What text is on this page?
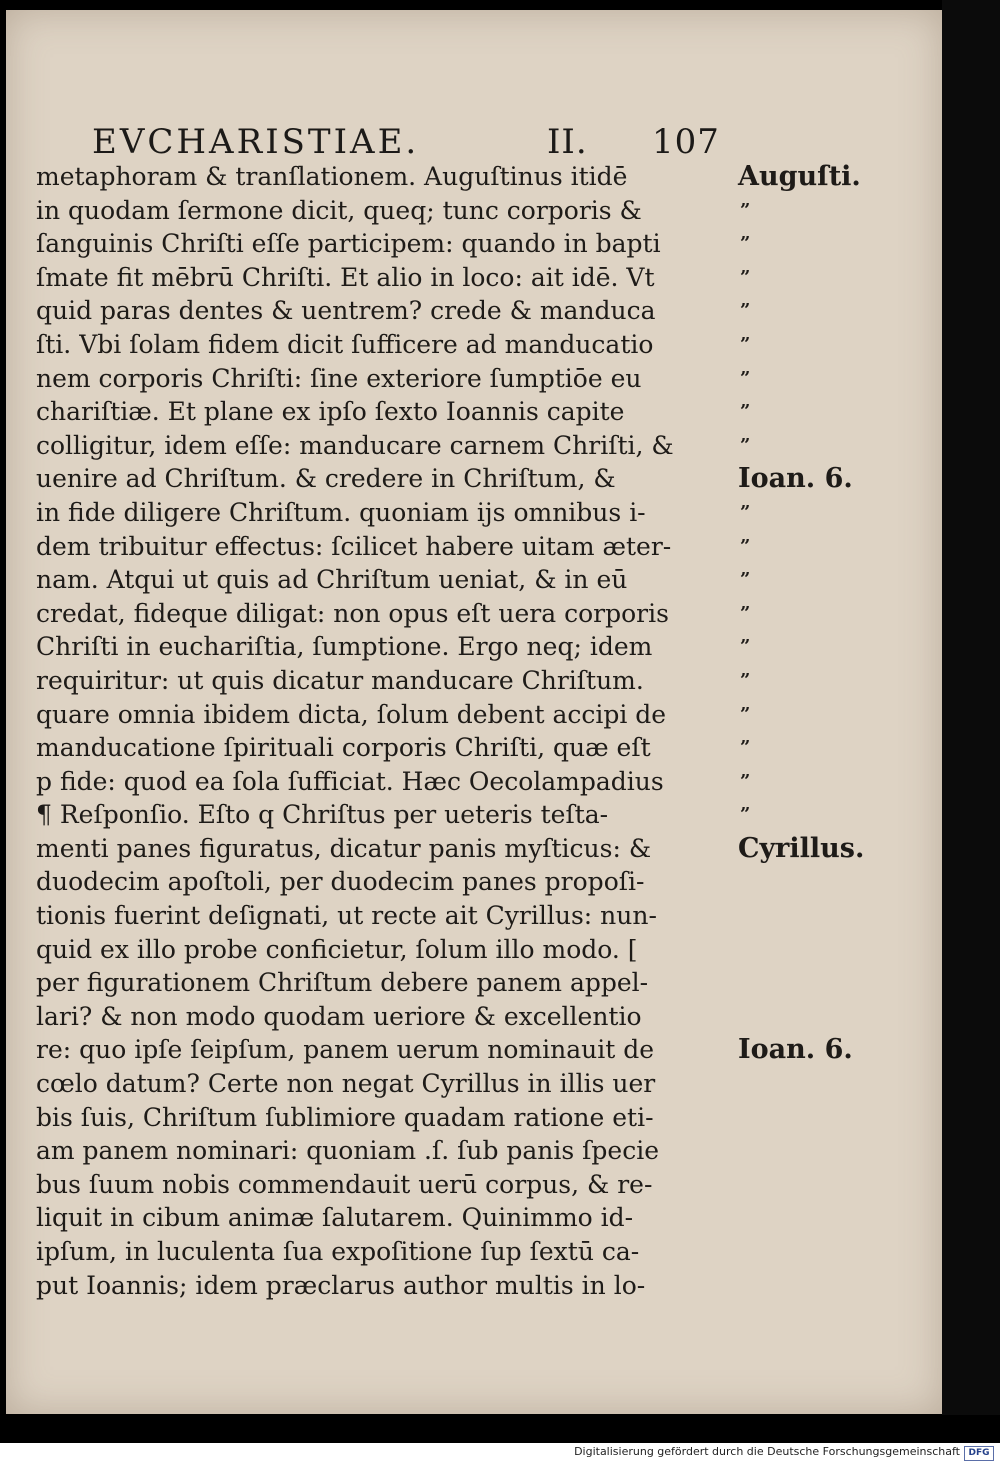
EVCHARISTIAE.	II. 107
metaphoram & tranſlationem. Auguſtinus itidē
in quodam ſermone dicit, queq; tunc corporis &
ſanguinis Chriſti eſſe participem: quando in bapti
ſmate fit mēbrū Chriſti. Et alio in loco: ait idē. Vt
quid paras dentes & uentrem? crede & manduca
ſti. Vbi ſolam fidem dicit ſufficere ad manducatio
nem corporis Chriſti: ſine exteriore ſumptiōe eu
chariſtiæ. Et plane ex ipſo ſexto Ioannis capite
colligitur, idem eſſe: manducare carnem Chriſti, &
uenire ad Chriſtum. & credere in Chriſtum, &
in fide diligere Chriſtum. quoniam ijs omnibus i-
dem tribuitur effectus: ſcilicet habere uitam æter-
nam. Atqui ut quis ad Chriſtum ueniat, & in eū
credat, fideque diligat: non opus eſt uera corporis
Chriſti in euchariſtia, ſumptione. Ergo neq; idem
requiritur: ut quis dicatur manducare Chriſtum.
quare omnia ibidem dicta, ſolum debent accipi de
manducatione ſpirituali corporis Chriſti, quæ eſt
p fide: quod ea ſola ſufficiat. Hæc Oecolampadius
¶ Reſponſio. Eſto q Chriſtus per ueteris teſta-
menti panes figuratus, dicatur panis myſticus: &
duodecim apoſtoli, per duodecim panes propoſi-
tionis fuerint deſignati, ut recte ait Cyrillus: nun-
quid ex illo probe conficietur, ſolum illo modo. [
per figurationem Chriſtum debere panem appel-
lari? & non modo quodam ueriore & excellentio
re: quo ipſe ſeipſum, panem uerum nominauit de
cœlo datum? Certe non negat Cyrillus in illis uer
bis ſuis, Chriſtum ſublimiore quadam ratione eti-
am panem nominari: quoniam .ſ. ſub panis ſpecie
bus ſuum nobis commendauit uerū corpus, & re-
liquit in cibum animæ ſalutarem. Quinimmo id-
ipſum, in luculenta ſua expoſitione ſup ſextū ca-
put Ioannis; idem præclarus author multis in lo-
Auguſti.
”
”
”
”
”
”
”
”
Ioan. 6.
”
”
”
”
”
”
”
”
”
”
Cyrillus.
Ioan. 6.
Digitalisierung gefördert durch die Deutsche Forschungsgemeinschaft DFG
